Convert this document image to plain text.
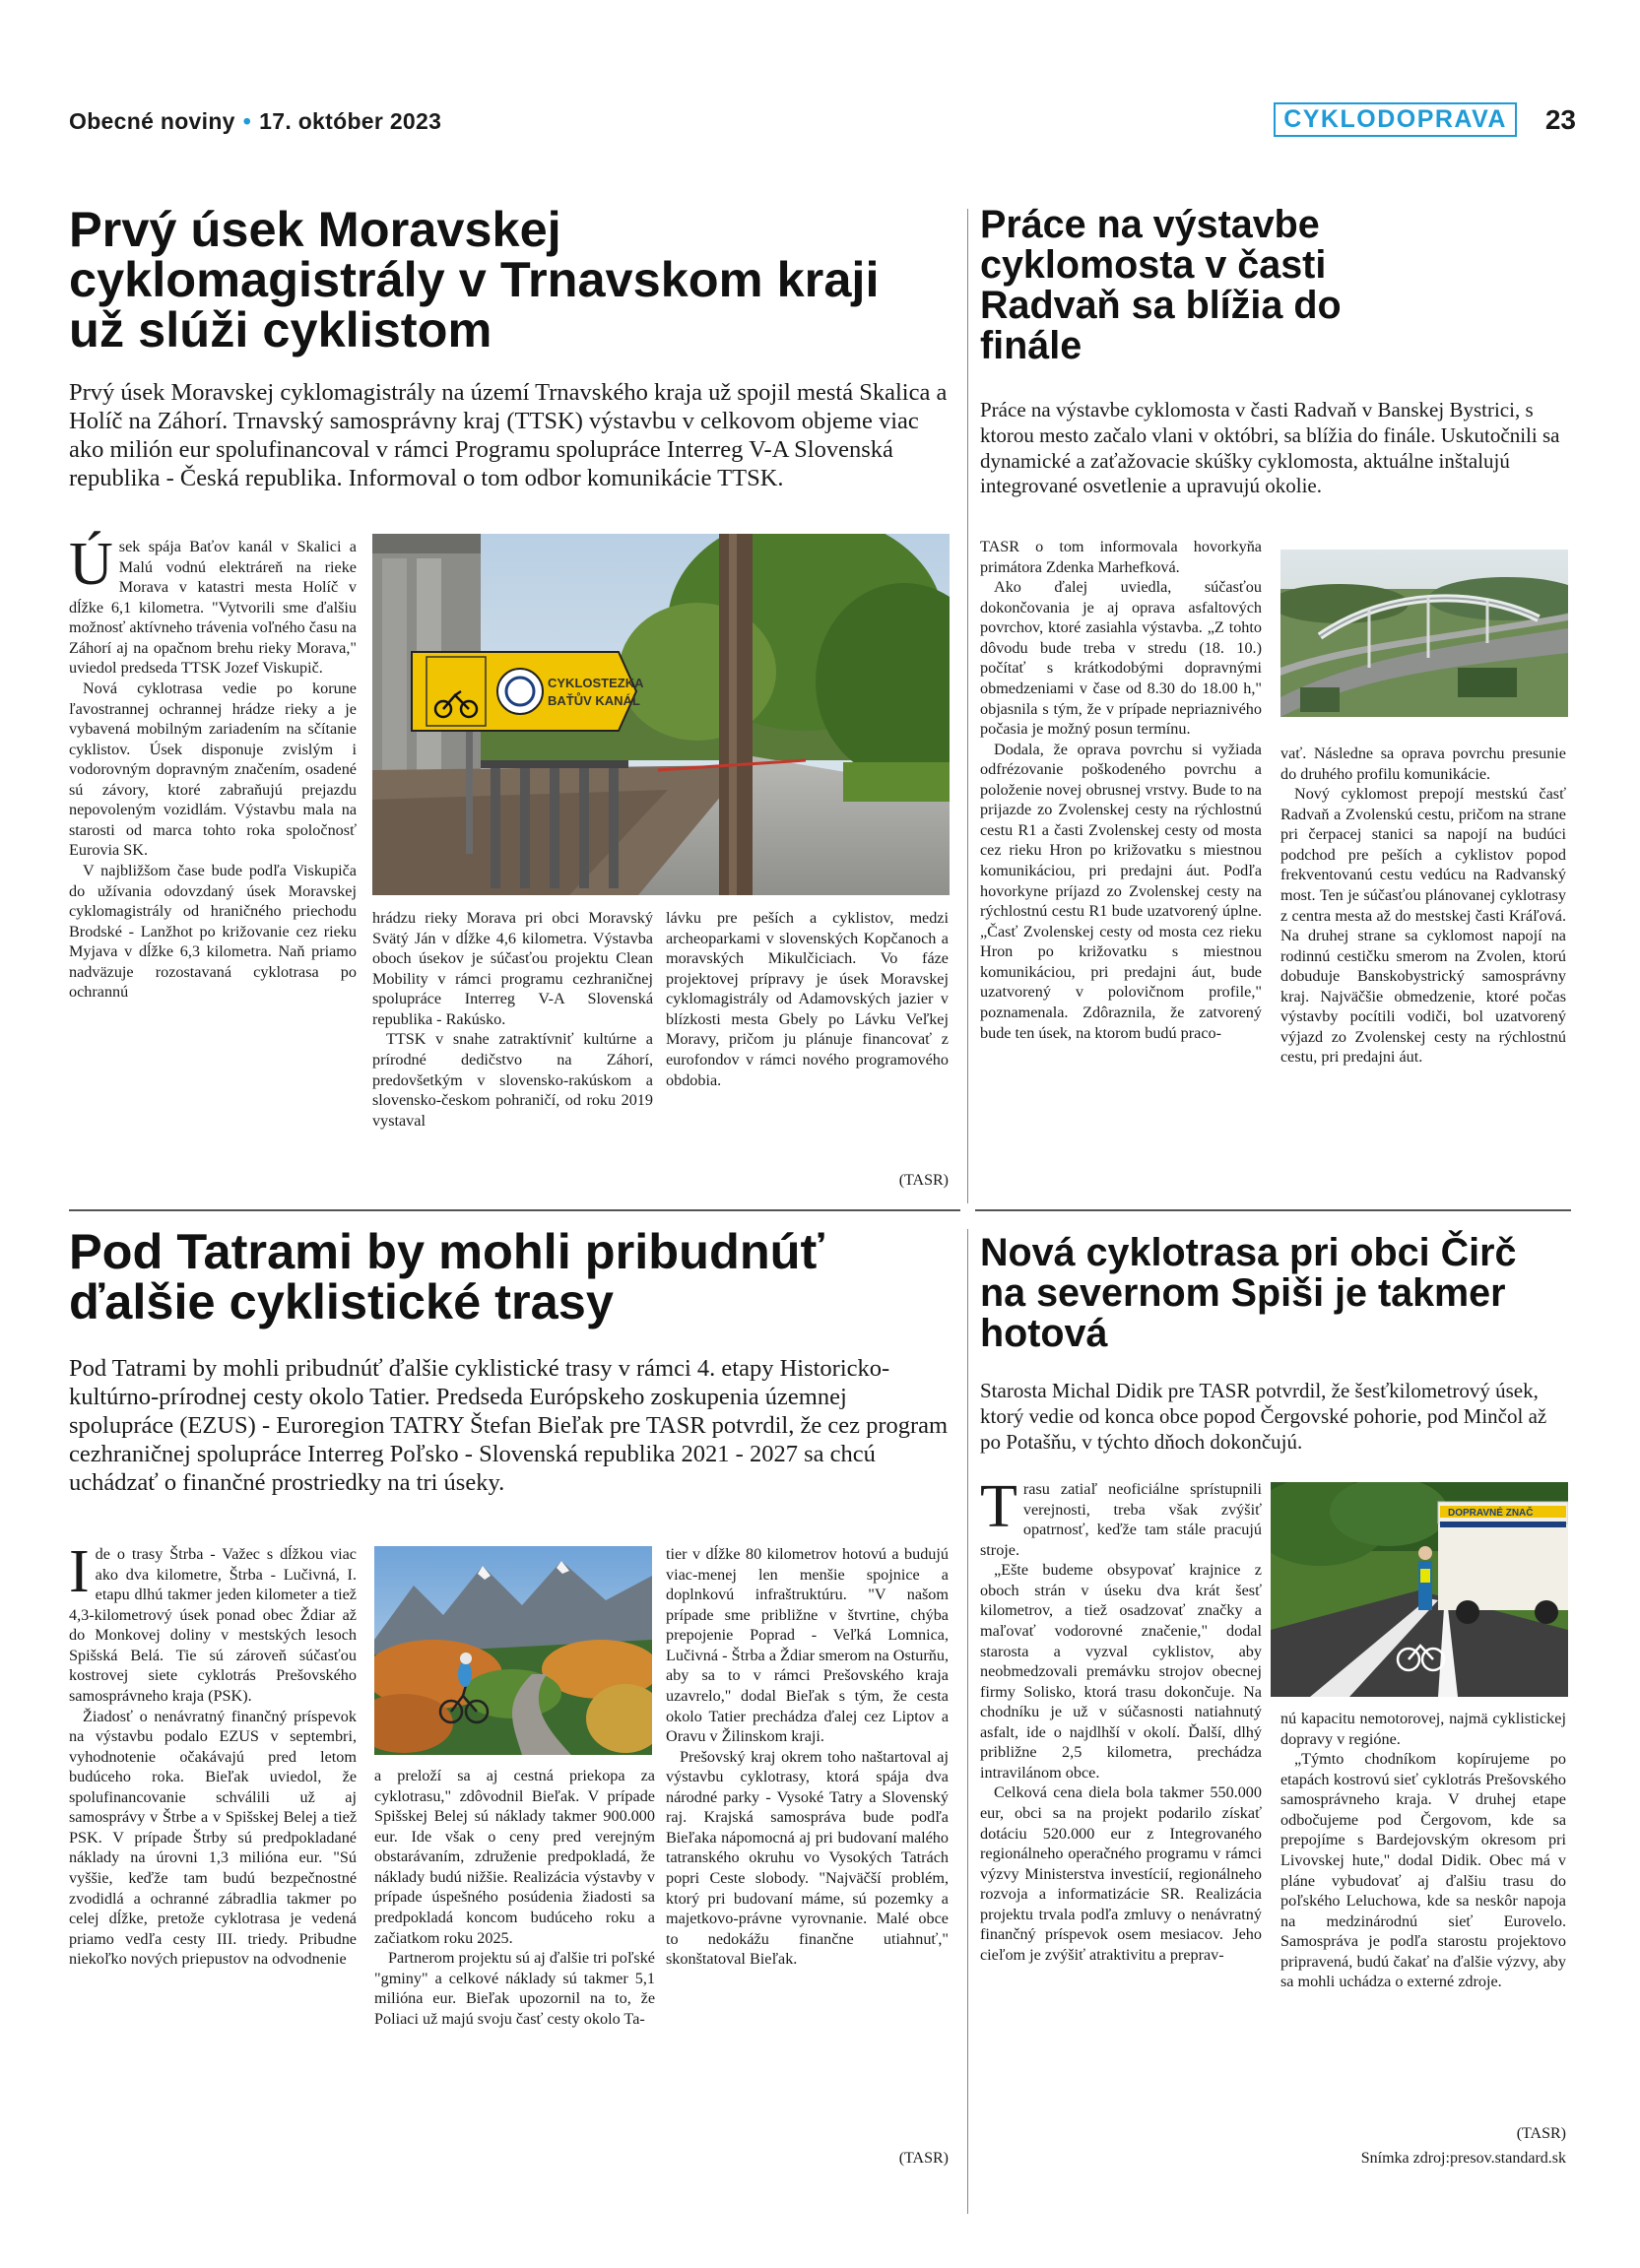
Obecné noviny • 17. október 2023	CYKLODOPRAVA	23
Prvý úsek Moravskej cyklomagistrály v Trnavskom kraji už slúži cyklistom

Prvý úsek Moravskej cyklomagistrály na území Trnavského kraja už spojil mestá Skalica a Holíč na Záhorí. Trnavský samosprávny kraj (TTSK) výstavbu v celkovom objeme viac ako milión eur spolufinancoval v rámci Programu spolupráce Interreg V-A Slovenská republika - Česká republika. Informoval o tom odbor komunikácie TTSK.

Úsek spája Baťov kanál v Skalici a Malú vodnú elektráreň na rieke Morava v katastri mesta Holíč v dĺžke 6,1 kilometra. "Vytvorili sme ďalšiu možnosť aktívneho trávenia voľného času na Záhorí aj na opačnom brehu rieky Morava," uviedol predseda TTSK Jozef Viskupič.

Nová cyklotrasa vedie po korune ľavostrannej ochrannej hrádze rieky a je vybavená mobilným zariadením na sčítanie cyklistov. Úsek disponuje zvislým i vodorovným dopravným značením, osadené sú závory, ktoré zabraňujú prejazdu nepovoleným vozidlám. Výstavbu mala na starosti od marca tohto roka spoločnosť Eurovia SK.

V najbližšom čase bude podľa Viskupiča do užívania odovzdaný úsek Moravskej cyklomagistrály od hraničného priechodu Brodské - Lanžhot po križovanie cez rieku Myjava v dĺžke 6,3 kilometra. Naň priamo nadväzuje rozostavaná cyklotrasa po ochrannú

CYKLOSTEZKA
BAŤŮV KANÁL

hrádzu rieky Morava pri obci Moravský Svätý Ján v dĺžke 4,6 kilometra. Výstavba oboch úsekov je súčasťou projektu Clean Mobility v rámci programu cezhraničnej spolupráce Interreg V-A Slovenská republika - Rakúsko.

TTSK v snahe zatraktívniť kultúrne a prírodné dedičstvo na Záhorí, predovšetkým v slovensko-rakúskom a slovensko-českom pohraničí, od roku 2019 vystaval

lávku pre peších a cyklistov, medzi archeoparkami v slovenských Kopčanoch a moravských Mikulčiciach. Vo fáze projektovej prípravy je úsek Moravskej cyklomagistrály od Adamovských jazier v blízkosti mesta Gbely po Lávku Veľkej Moravy, pričom ju plánuje financovať z eurofondov v rámci nového programového obdobia.

(TASR)
Práce na výstavbe cyklomosta v časti Radvaň sa blížia do finále

Práce na výstavbe cyklomosta v časti Radvaň v Banskej Bystrici, s ktorou mesto začalo vlani v októbri, sa blížia do finále. Uskutočnili sa dynamické a zaťažovacie skúšky cyklomosta, aktuálne inštalujú integrované osvetlenie a upravujú okolie.

TASR o tom informovala hovorkyňa primátora Zdenka Marhefková.

Ako ďalej uviedla, súčasťou dokončovania je aj oprava asfaltových povrchov, ktoré zasiahla výstavba. „Z tohto dôvodu bude treba v stredu (18. 10.) počítať s krátkodobými dopravnými obmedzeniami v čase od 8.30 do 18.00 h," objasnila s tým, že v prípade nepriaznivého počasia je možný posun termínu.

Dodala, že oprava povrchu si vyžiada odfrézovanie poškodeného povrchu a položenie novej obrusnej vrstvy. Bude to na prijazde zo Zvolenskej cesty na rýchlostnú cestu R1 a časti Zvolenskej cesty od mosta cez rieku Hron po križovatku s miestnou komunikáciou, pri predajni áut. Podľa hovorkyne príjazd zo Zvolenskej cesty na rýchlostnú cestu R1 bude uzatvorený úplne. „Časť Zvolenskej cesty od mosta cez rieku Hron po križovatku s miestnou komunikáciou, pri predajni áut, bude uzatvorený v polovičnom profile," poznamenala. Zdôraznila, že zatvorený bude ten úsek, na ktorom budú praco-

vať. Následne sa oprava povrchu presunie do druhého profilu komunikácie.

Nový cyklomost prepojí mestskú časť Radvaň a Zvolenskú cestu, pričom na strane pri čerpacej stanici sa napojí na budúci podchod pre peších a cyklistov popod frekventovanú cestu vedúcu na Radvanský most. Ten je súčasťou plánovanej cyklotrasy z centra mesta až do mestskej časti Kráľová. Na druhej strane sa cyklomost napojí na rodinnú cestičku smerom na Zvolen, ktorú dobuduje Banskobystrický samosprávny kraj. Najväčšie obmedzenie, ktoré počas výstavby pocítili vodiči, bol uzatvorený výjazd zo Zvolenskej cesty na rýchlostnú cestu, pri predajni áut.

Pod Tatrami by mohli pribudnúť ďalšie cyklistické trasy

Pod Tatrami by mohli pribudnúť ďalšie cyklistické trasy v rámci 4. etapy Historicko-kultúrno-prírodnej cesty okolo Tatier. Predseda Európskeho zoskupenia územnej spolupráce (EZUS) - Euroregion TATRY Štefan Bieľak pre TASR potvrdil, že cez program cezhraničnej spolupráce Interreg Poľsko - Slovenská republika 2021 - 2027 sa chcú uchádzať o finančné prostriedky na tri úseky.

Ide o trasy Štrba - Važec s dĺžkou viac ako dva kilometre, Štrba - Lučivná, I. etapu dlhú takmer jeden kilometer a tiež 4,3-kilometrový úsek ponad obec Ždiar až do Monkovej doliny v mestských lesoch Spišská Belá. Tie sú zároveň súčasťou kostrovej siete cyklotrás Prešovského samosprávneho kraja (PSK).

Žiadosť o nenávratný finančný príspevok na výstavbu podalo EZUS v septembri, vyhodnotenie očakávajú pred letom budúceho roka. Bieľak uviedol, že spolufinancovanie schválili už aj samosprávy v Štrbe a v Spišskej Belej a tiež PSK. V prípade Štrby sú predpokladané náklady na úrovni 1,3 milióna eur. "Sú vyššie, keďže tam budú bezpečnostné zvodidlá a ochranné zábradlia takmer po celej dĺžke, pretože cyklotrasa je vedená priamo vedľa cesty III. triedy. Pribudne niekoľko nových priepustov na odvodnenie

a preloží sa aj cestná priekopa za cyklotrasu," zdôvodnil Bieľak. V prípade Spišskej Belej sú náklady takmer 900.000 eur. Ide však o ceny pred verejným obstarávaním, združenie predpokladá, že náklady budú nižšie. Realizácia výstavby v prípade úspešného posúdenia žiadosti sa predpokladá koncom budúceho roku a začiatkom roku 2025.

Partnerom projektu sú aj ďalšie tri poľské "gminy" a celkové náklady sú takmer 5,1 milióna eur. Bieľak upozornil na to, že Poliaci už majú svoju časť cesty okolo Ta-

tier v dĺžke 80 kilometrov hotovú a budujú viac-menej len menšie spojnice a doplnkovú infraštruktúru. "V našom prípade sme približne v štvrtine, chýba prepojenie Poprad - Veľká Lomnica, Lučivná - Štrba a Ždiar smerom na Osturňu, aby sa to v rámci Prešovského kraja uzavrelo," dodal Bieľak s tým, že cesta okolo Tatier prechádza ďalej cez Liptov a Oravu v Žilinskom kraji.

Prešovský kraj okrem toho naštartoval aj výstavbu cyklotrasy, ktorá spája dva národné parky - Vysoké Tatry a Slovenský raj. Krajská samospráva bude podľa Bieľaka nápomocná aj pri budovaní malého tatranského okruhu vo Vysokých Tatrách popri Ceste slobody. "Najväčší problém, ktorý pri budovaní máme, sú pozemky a majetkovo-právne vyrovnanie. Malé obce to nedokážu finančne utiahnuť," skonštatoval Bieľak.

(TASR)
Nová cyklotrasa pri obci Čirč na severnom Spiši je takmer hotová

Starosta Michal Didik pre TASR potvrdil, že šesťkilometrový úsek, ktorý vedie od konca obce popod Čergovské pohorie, pod Minčol až po Potašňu, v týchto dňoch dokončujú.

Trasu zatiaľ neoficiálne sprístupnili verejnosti, treba však zvýšiť opatrnosť, keďže tam stále pracujú stroje.

„Ešte budeme obsypovať krajnice z oboch strán v úseku dva krát šesť kilometrov, a tiež osadzovať značky a maľovať vodorovné značenie," dodal starosta a vyzval cyklistov, aby neobmedzovali premávku strojov obecnej firmy Solisko, ktorá trasu dokončuje. Na chodníku je už v súčasnosti natiahnutý asfalt, ide o najdlhší v okolí. Ďalší, dlhý približne 2,5 kilometra, prechádza intravilánom obce.

Celková cena diela bola takmer 550.000 eur, obci sa na projekt podarilo získať dotáciu 520.000 eur z Integrovaného regionálneho operačného programu v rámci výzvy Ministerstva investícií, regionálneho rozvoja a informatizácie SR. Realizácia projektu trvala podľa zmluvy o nenávratný finančný príspevok osem mesiacov. Jeho cieľom je zvýšiť atraktivitu a preprav-

DOPRAVNÉ ZNAČ

nú kapacitu nemotorovej, najmä cyklistickej dopravy v regióne.

„Týmto chodníkom kopírujeme po etapách kostrovú sieť cyklotrás Prešovského samosprávneho kraja. V druhej etape odbočujeme pod Čergovom, kde sa prepojíme s Bardejovským okresom pri Livovskej hute," dodal Didik. Obec má v pláne vybudovať aj ďalšiu trasu do poľského Leluchowa, kde sa neskôr napoja na medzinárodnú sieť Eurovelo. Samospráva je podľa starostu projektovo pripravená, budú čakať na ďalšie výzvy, aby sa mohli uchádza o externé zdroje.

(TASR)
Snímka zdroj:presov.standard.sk
